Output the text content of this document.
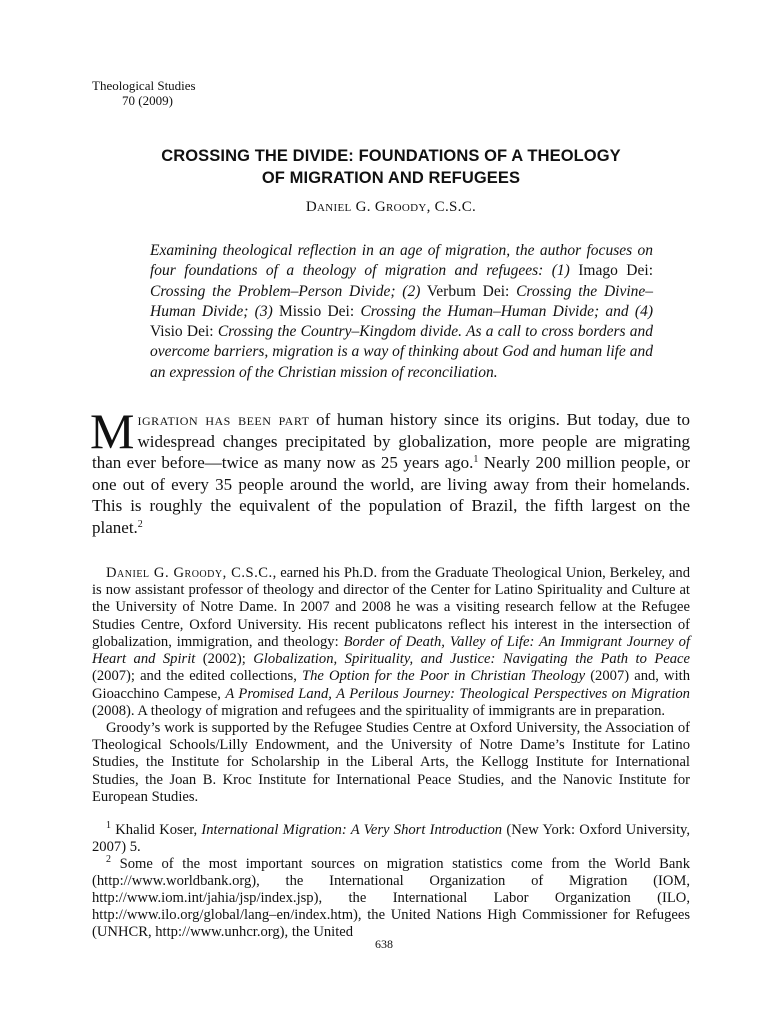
Theological Studies
70 (2009)
CROSSING THE DIVIDE: FOUNDATIONS OF A THEOLOGY
OF MIGRATION AND REFUGEES
Daniel G. Groody, C.S.C.
Examining theological reflection in an age of migration, the author focuses on four foundations of a theology of migration and refugees: (1) Imago Dei: Crossing the Problem–Person Divide; (2) Verbum Dei: Crossing the Divine–Human Divide; (3) Missio Dei: Crossing the Human–Human Divide; and (4) Visio Dei: Crossing the Country–Kingdom divide. As a call to cross borders and overcome barriers, migration is a way of thinking about God and human life and an expression of the Christian mission of reconciliation.
Migration has been part of human history since its origins. But today, due to widespread changes precipitated by globalization, more people are migrating than ever before—twice as many now as 25 years ago.$^1$ Nearly 200 million people, or one out of every 35 people around the world, are living away from their homelands. This is roughly the equivalent of the population of Brazil, the fifth largest on the planet.$^2$

Daniel G. Groody, C.S.C., earned his Ph.D. from the Graduate Theological Union, Berkeley, and is now assistant professor of theology and director of the Center for Latino Spirituality and Culture at the University of Notre Dame. In 2007 and 2008 he was a visiting research fellow at the Refugee Studies Centre, Oxford University. His recent publicatons reflect his interest in the intersection of globalization, immigration, and theology: Border of Death, Valley of Life: An Immigrant Journey of Heart and Spirit (2002); Globalization, Spirituality, and Justice: Navigating the Path to Peace (2007); and the edited collections, The Option for the Poor in Christian Theology (2007) and, with Gioacchino Campese, A Promised Land, A Perilous Journey: Theological Perspectives on Migration (2008). A theology of migration and refugees and the spirituality of immigrants are in preparation.

Groody’s work is supported by the Refugee Studies Centre at Oxford University, the Association of Theological Schools/Lilly Endowment, and the University of Notre Dame’s Institute for Latino Studies, the Institute for Scholarship in the Liberal Arts, the Kellogg Institute for International Studies, the Joan B. Kroc Institute for International Peace Studies, and the Nanovic Institute for European Studies.

$^1$ Khalid Koser, International Migration: A Very Short Introduction (New York: Oxford University, 2007) 5.

$^2$ Some of the most important sources on migration statistics come from the World Bank (http://www.worldbank.org), the International Organization of Migration (IOM, http://www.iom.int/jahia/jsp/index.jsp), the International Labor Organization (ILO, http://www.ilo.org/global/lang–en/index.htm), the United Nations High Commissioner for Refugees (UNHCR, http://www.unhcr.org), the United

638
